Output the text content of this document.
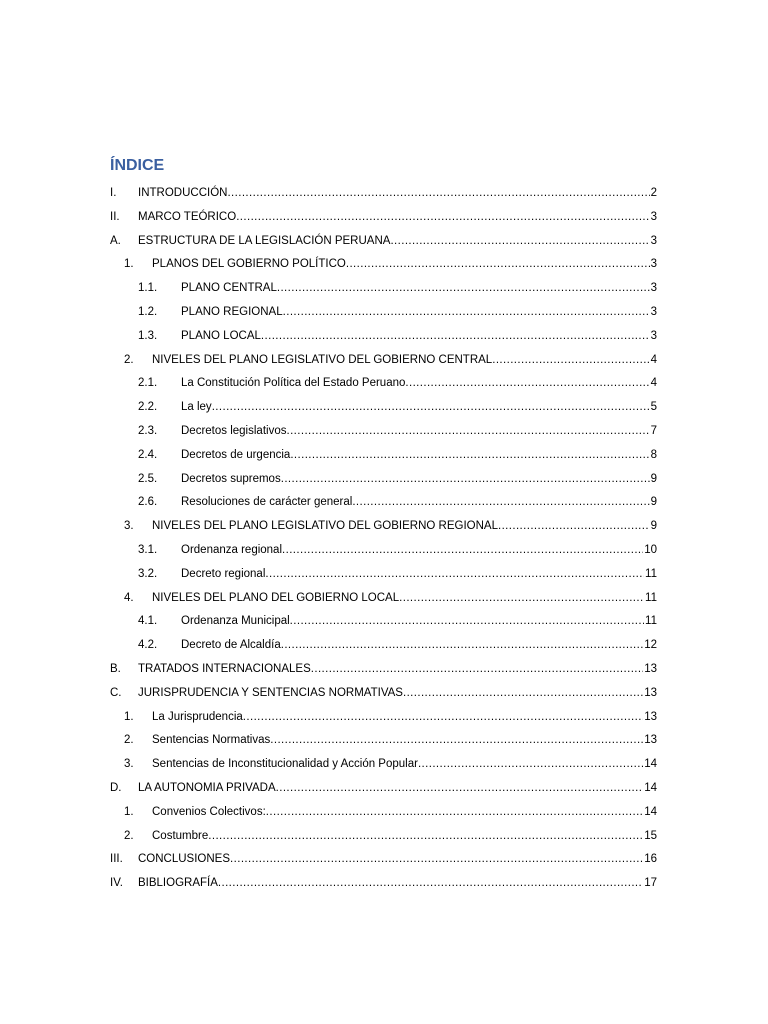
ÍNDICE
I. INTRODUCCIÓN .....	2
II. MARCO TEÓRICO .....	3
A. ESTRUCTURA DE LA LEGISLACIÓN PERUANA .....	3
1. PLANOS DEL GOBIERNO POLÍTICO .....	3
1.1. PLANO CENTRAL .....	3
1.2. PLANO REGIONAL .....	3
1.3. PLANO LOCAL .....	3
2. NIVELES DEL PLANO LEGISLATIVO DEL GOBIERNO CENTRAL .....	4
2.1. La Constitución Política del Estado Peruano .....	4
2.2. La ley .....	5
2.3. Decretos legislativos .....	7
2.4. Decretos de urgencia .....	8
2.5. Decretos supremos .....	9
2.6. Resoluciones de carácter general .....	9
3. NIVELES DEL PLANO LEGISLATIVO DEL GOBIERNO REGIONAL .....	9
3.1. Ordenanza regional .....	10
3.2. Decreto regional .....	11
4. NIVELES DEL PLANO DEL GOBIERNO LOCAL .....	11
4.1. Ordenanza Municipal .....	11
4.2. Decreto de Alcaldía .....	12
B. TRATADOS INTERNACIONALES .....	13
C. JURISPRUDENCIA Y SENTENCIAS NORMATIVAS .....	13
1. La Jurisprudencia .....	13
2. Sentencias Normativas .....	13
3. Sentencias de Inconstitucionalidad y Acción Popular .....	14
D. LA AUTONOMIA PRIVADA .....	14
1. Convenios Colectivos: .....	14
2. Costumbre .....	15
III. CONCLUSIONES .....	16
IV. BIBLIOGRAFÍA .....	17
